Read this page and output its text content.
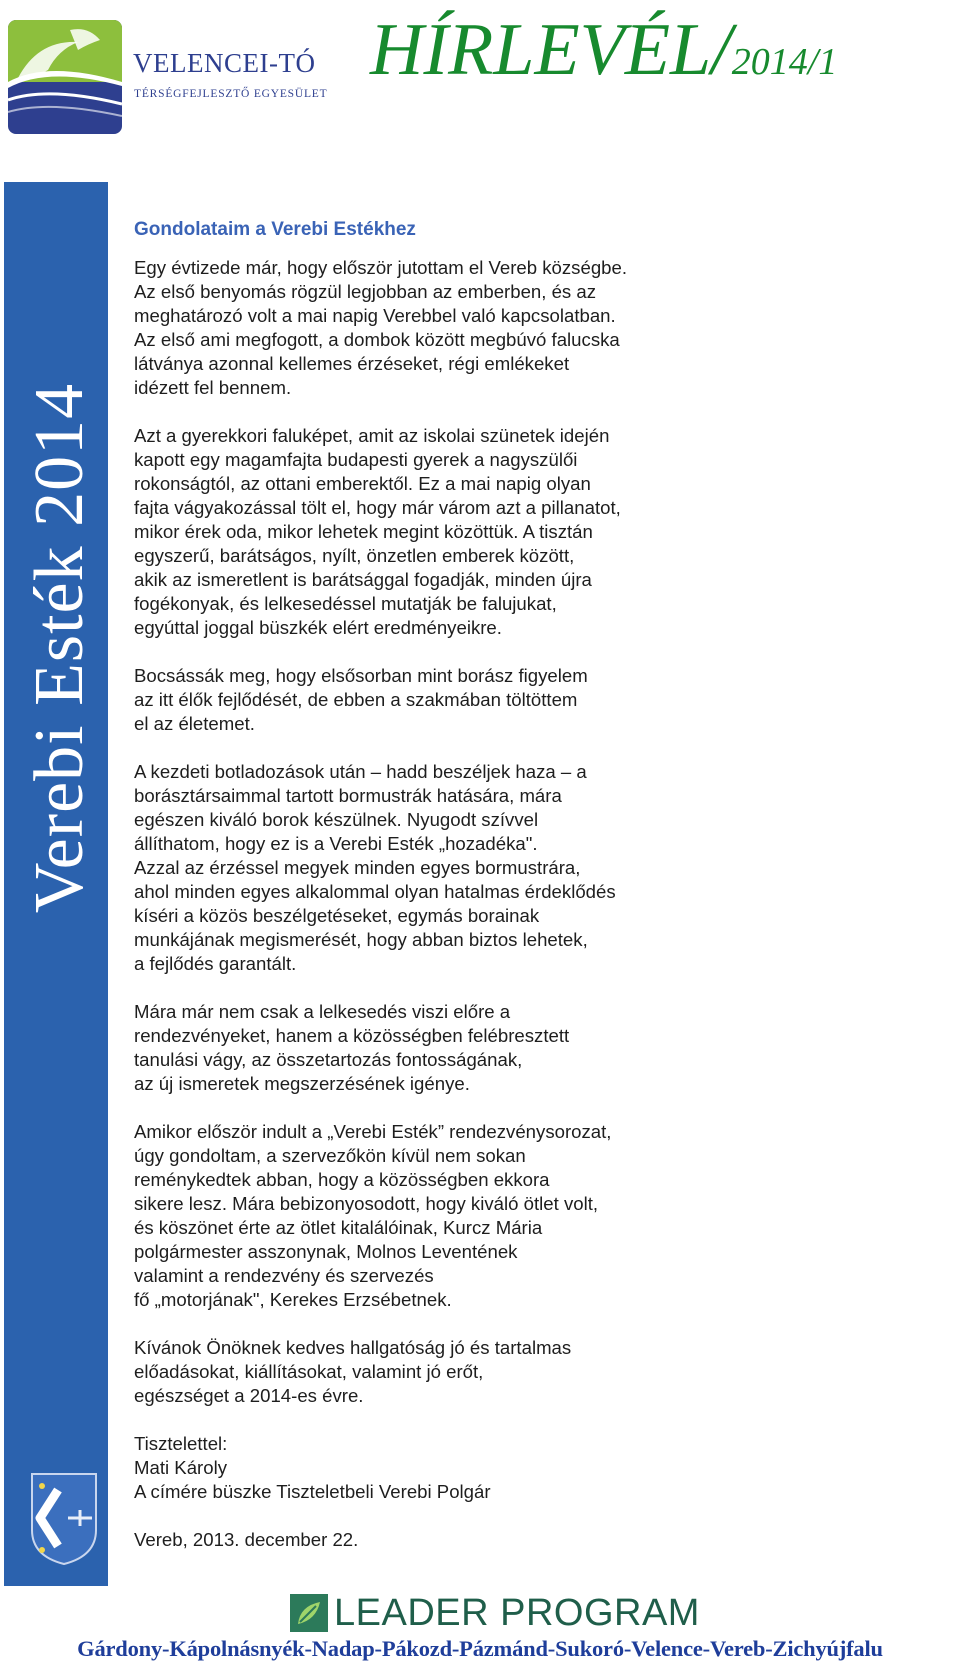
VELENCEI-TÓ
TÉRSÉGFEJLESZTŐ EGYESÜLET
HÍRLEVÉL/2014/1
Verebi Esték 2014
Gondolataim a Verebi Estékhez

Egy évtizede már, hogy először jutottam el Vereb községbe.
Az első benyomás rögzül legjobban az emberben, és az
meghatározó volt a mai napig Verebbel való kapcsolatban.
Az első ami megfogott, a dombok között megbúvó falucska
látványa azonnal kellemes érzéseket, régi emlékeket
idézett fel bennem.

Azt a gyerekkori faluképet, amit az iskolai szünetek idején
kapott egy magamfajta budapesti gyerek a nagyszülői
rokonságtól, az ottani emberektől. Ez a mai napig olyan
fajta vágyakozással tölt el, hogy már várom azt a pillanatot,
mikor érek oda, mikor lehetek megint közöttük. A tisztán
egyszerű, barátságos, nyílt, önzetlen emberek között,
akik az ismeretlent is barátsággal fogadják, minden újra
fogékonyak, és lelkesedéssel mutatják be falujukat,
egyúttal joggal büszkék elért eredményeikre.

Bocsássák meg, hogy elsősorban mint borász figyelem
az itt élők fejlődését, de ebben a szakmában töltöttem
el az életemet.

A kezdeti botladozások után – hadd beszéljek haza – a
borásztársaimmal tartott bormustrák hatására, mára
egészen kiváló borok készülnek. Nyugodt szívvel
állíthatom, hogy ez is a Verebi Esték „hozadéka".
Azzal az érzéssel megyek minden egyes bormustrára,
ahol minden egyes alkalommal olyan hatalmas érdeklődés
kíséri a közös beszélgetéseket, egymás borainak
munkájának megismerését, hogy abban biztos lehetek,
a fejlődés garantált.

Mára már nem csak a lelkesedés viszi előre a
rendezvényeket, hanem a közösségben felébresztett
tanulási vágy, az összetartozás fontosságának,
az új ismeretek megszerzésének igénye.

Amikor először indult a „Verebi Esték” rendezvénysorozat,
úgy gondoltam, a szervezőkön kívül nem sokan
reménykedtek abban, hogy a közösségben ekkora
sikere lesz. Mára bebizonyosodott, hogy kiváló ötlet volt,
és köszönet érte az ötlet kitalálóinak, Kurcz Mária
polgármester asszonynak, Molnos Leventének
valamint a rendezvény és szervezés
fő „motorjának", Kerekes Erzsébetnek.

Kívánok Önöknek kedves hallgatóság jó és tartalmas
előadásokat, kiállításokat, valamint jó erőt,
egészséget a 2014-es évre.

Tisztelettel:
Mati Károly
A címére büszke Tiszteletbeli Verebi Polgár

Vereb, 2013. december 22.

LEADER PROGRAM
Gárdony-Kápolnásnyék-Nadap-Pákozd-Pázmánd-Sukoró-Velence-Vereb-Zichyújfalu
